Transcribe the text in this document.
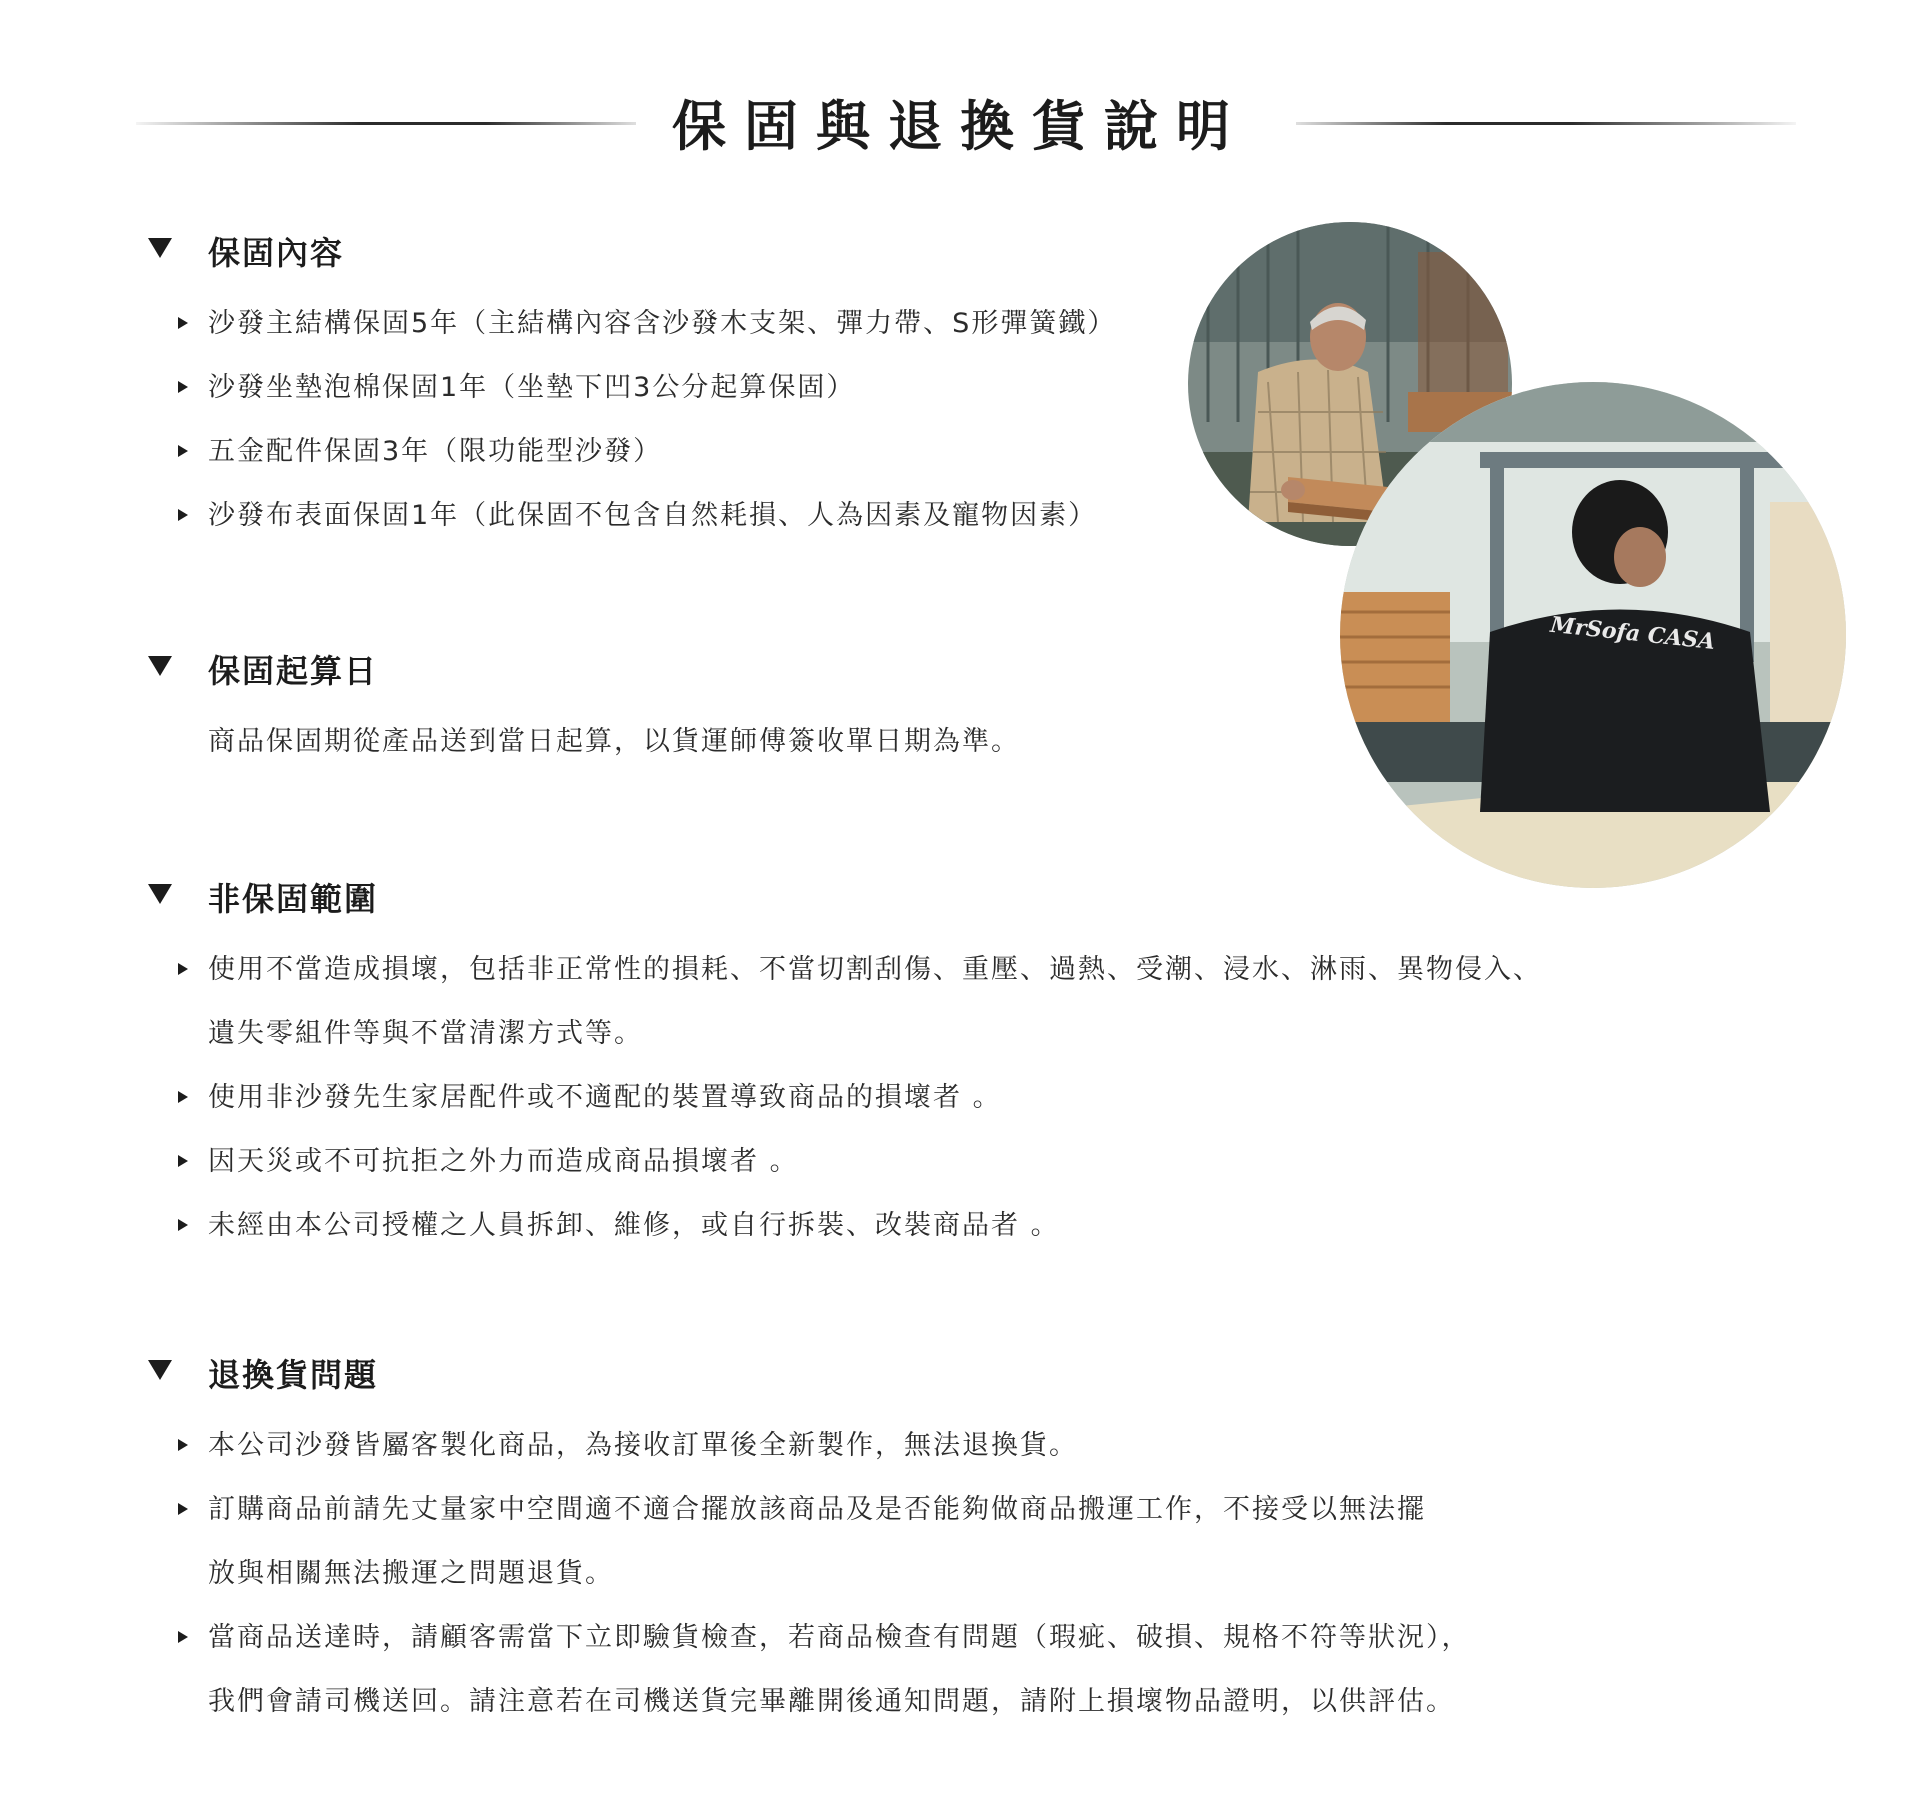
保固與退換貨說明
保固內容
沙發主結構保固5年（主結構內容含沙發木支架、彈力帶、S形彈簧鐵）
沙發坐墊泡棉保固1年（坐墊下凹3公分起算保固）
五金配件保固3年（限功能型沙發）
沙發布表面保固1年（此保固不包含自然耗損、人為因素及寵物因素）
保固起算日

商品保固期從產品送到當日起算，以貨運師傅簽收單日期為準。

非保固範圍
使用不當造成損壞，包括非正常性的損耗、不當切割刮傷、重壓、過熱、受潮、浸水、淋雨、異物侵入、
遺失零組件等與不當清潔方式等。
使用非沙發先生家居配件或不適配的裝置導致商品的損壞者 。
因天災或不可抗拒之外力而造成商品損壞者 。
未經由本公司授權之人員拆卸、維修，或自行拆裝、改裝商品者 。
退換貨問題
本公司沙發皆屬客製化商品，為接收訂單後全新製作，無法退換貨。
訂購商品前請先丈量家中空間適不適合擺放該商品及是否能夠做商品搬運工作，不接受以無法擺
放與相關無法搬運之問題退貨。
當商品送達時，請顧客需當下立即驗貨檢查，若商品檢查有問題（瑕疵、破損、規格不符等狀況），
我們會請司機送回。請注意若在司機送貨完畢離開後通知問題，請附上損壞物品證明，以供評估。
MrSofa CASA
